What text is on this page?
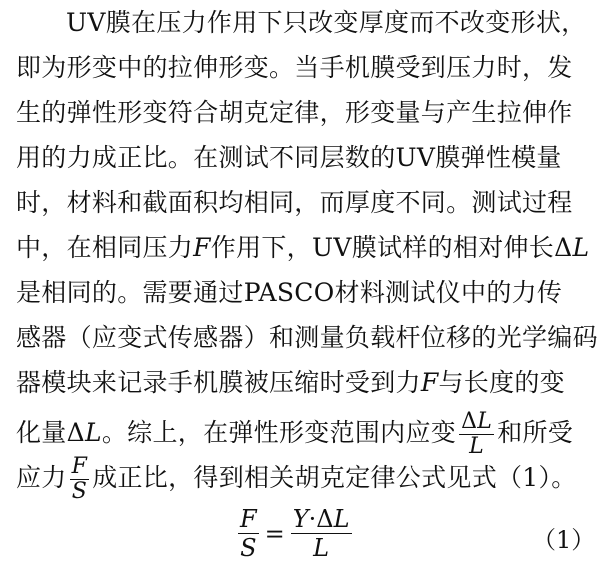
UV膜在压力作用下只改变厚度而不改变形状，
即为形变中的拉伸形变。当手机膜受到压力时，发
生的弹性形变符合胡克定律，形变量与产生拉伸作
用的力成正比。在测试不同层数的UV膜弹性模量
时，材料和截面积均相同，而厚度不同。测试过程
中，在相同压力F作用下，UV膜试样的相对伸长ΔL
是相同的。需要通过PASCO材料测试仪中的力传
感器（应变式传感器）和测量负载杆位移的光学编码
器模块来记录手机膜被压缩时受到力F与长度的变
化量ΔL。综上，在弹性形变范围内应变 $\frac{\Delta L}{L}$ 和所受
应力 $\frac{F}{S}$ 成正比，得到相关胡克定律公式见式（1）。
$\frac{F}{S} = \frac{Y\cdot\Delta L}{L}$	（1）
